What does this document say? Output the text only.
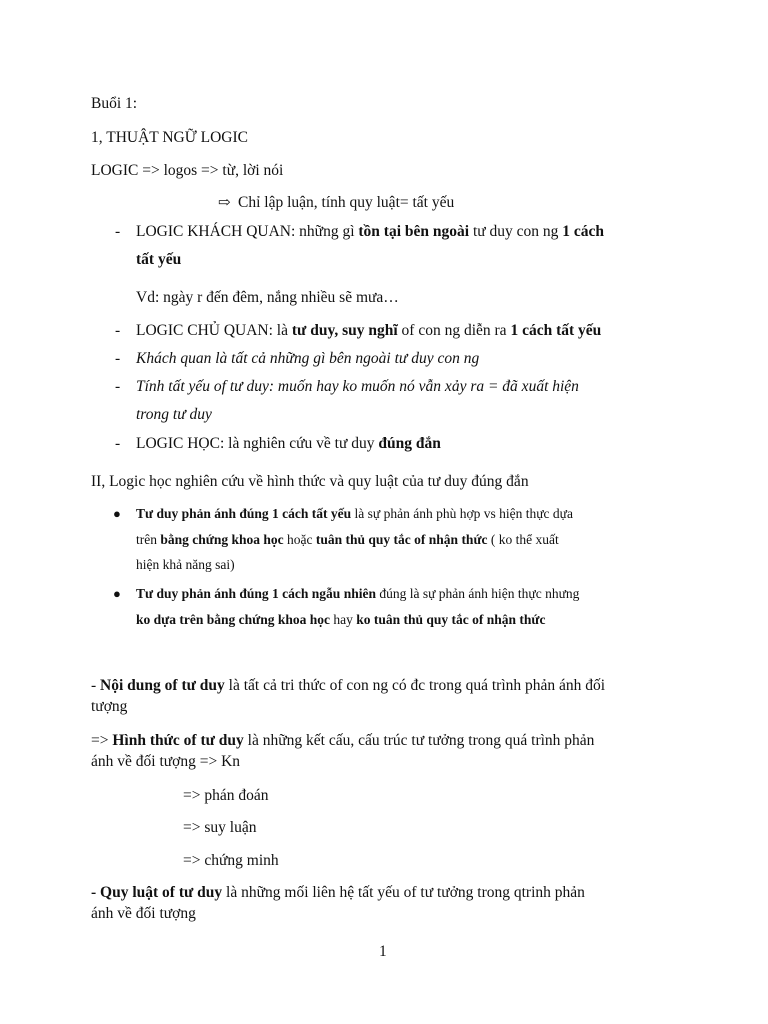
Buổi 1:
1, THUẬT NGỮ LOGIC
LOGIC => logos => từ, lời nói
⇨ Chỉ lập luận, tính quy luật= tất yếu
- LOGIC KHÁCH QUAN: những gì tồn tại bên ngoài tư duy con ng 1 cách
tất yếu
Vd: ngày r đến đêm, nắng nhiều sẽ mưa…
- LOGIC CHỦ QUAN: là tư duy, suy nghĩ of con ng diễn ra 1 cách tất yếu
- Khách quan là tất cả những gì bên ngoài tư duy con ng
- Tính tất yếu of tư duy: muốn hay ko muốn nó vẫn xảy ra = đã xuất hiện
trong tư duy
- LOGIC HỌC: là nghiên cứu về tư duy đúng đắn
II, Logic học nghiên cứu về hình thức và quy luật của tư duy đúng đắn
● Tư duy phản ánh đúng 1 cách tất yếu là sự phản ánh phù hợp vs hiện thực dựa
trên bằng chứng khoa học hoặc tuân thủ quy tắc of nhận thức ( ko thể xuất
hiện khả năng sai)
● Tư duy phản ánh đúng 1 cách ngẫu nhiên đúng là sự phản ánh hiện thực nhưng
ko dựa trên bằng chứng khoa học hay ko tuân thủ quy tắc of nhận thức
- Nội dung of tư duy là tất cả tri thức of con ng có đc trong quá trình phản ánh đối
tượng
=> Hình thức of tư duy là những kết cấu, cấu trúc tư tưởng trong quá trình phản
ánh về đối tượng => Kn
=> phán đoán
=> suy luận
=> chứng minh
- Quy luật of tư duy là những mối liên hệ tất yếu of tư tưởng trong qtrinh phản
ánh về đối tượng
1
